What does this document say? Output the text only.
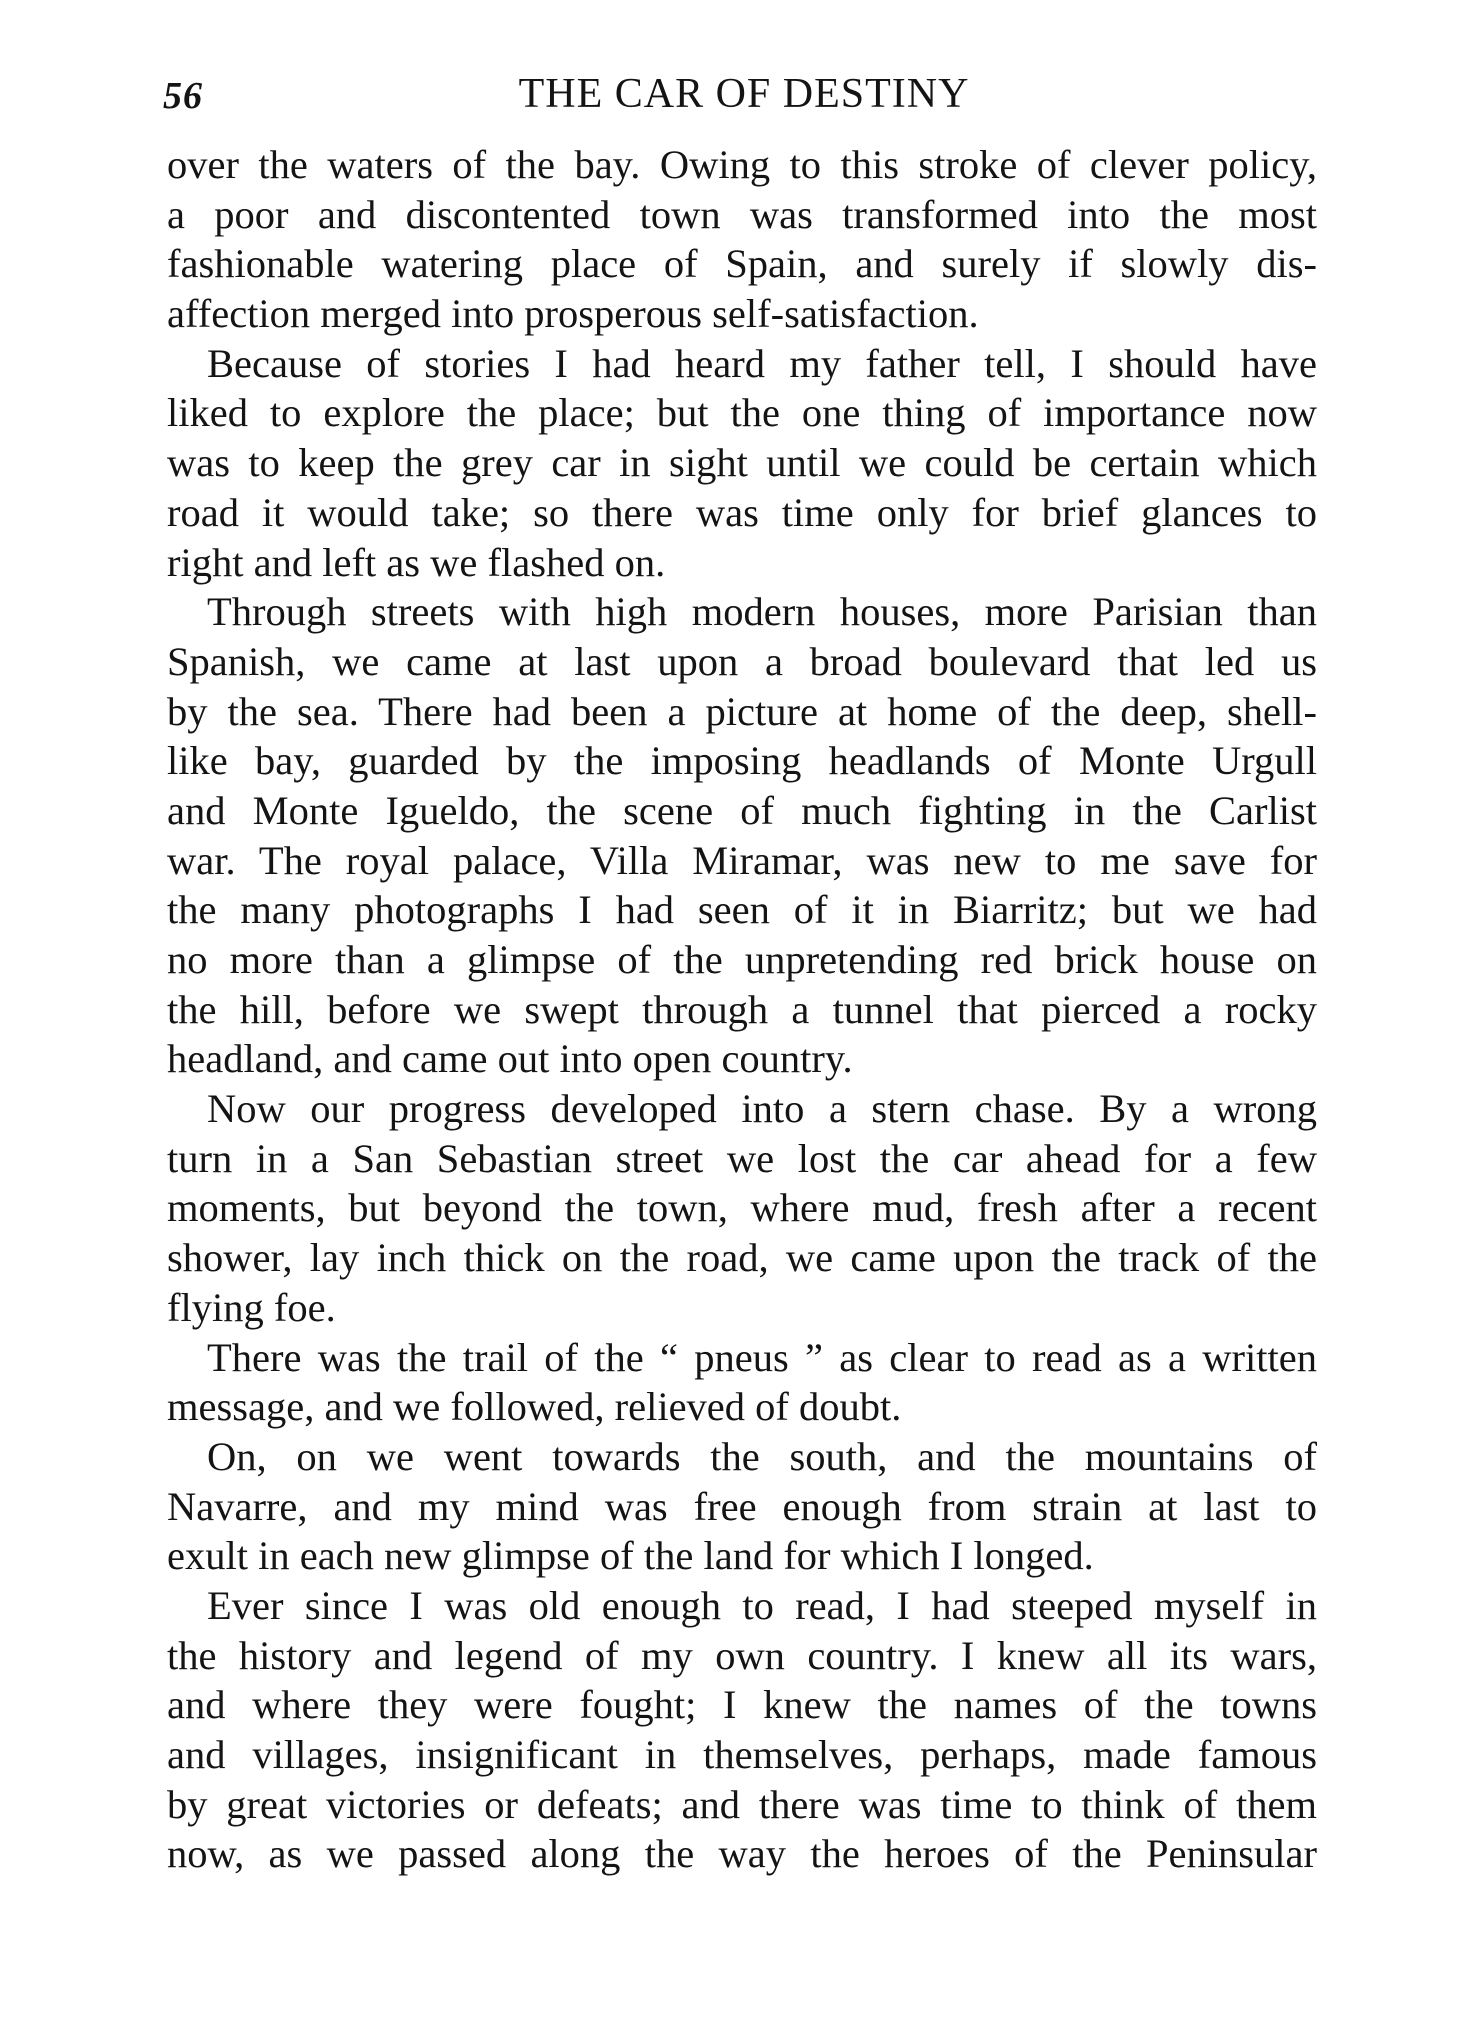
56	THE CAR OF DESTINY
over the waters of the bay. Owing to this stroke of clever policy,
a poor and discontented town was transformed into the most
fashionable watering place of Spain, and surely if slowly dis-
affection merged into prosperous self-satisfaction.
Because of stories I had heard my father tell, I should have
liked to explore the place; but the one thing of importance now
was to keep the grey car in sight until we could be certain which
road it would take; so there was time only for brief glances to
right and left as we flashed on.
Through streets with high modern houses, more Parisian than
Spanish, we came at last upon a broad boulevard that led us
by the sea. There had been a picture at home of the deep, shell-
like bay, guarded by the imposing headlands of Monte Urgull
and Monte Igueldo, the scene of much fighting in the Carlist
war. The royal palace, Villa Miramar, was new to me save for
the many photographs I had seen of it in Biarritz; but we had
no more than a glimpse of the unpretending red brick house on
the hill, before we swept through a tunnel that pierced a rocky
headland, and came out into open country.
Now our progress developed into a stern chase. By a wrong
turn in a San Sebastian street we lost the car ahead for a few
moments, but beyond the town, where mud, fresh after a recent
shower, lay inch thick on the road, we came upon the track of the
flying foe.
There was the trail of the “ pneus ” as clear to read as a written
message, and we followed, relieved of doubt.
On, on we went towards the south, and the mountains of
Navarre, and my mind was free enough from strain at last to
exult in each new glimpse of the land for which I longed.
Ever since I was old enough to read, I had steeped myself in
the history and legend of my own country. I knew all its wars,
and where they were fought; I knew the names of the towns
and villages, insignificant in themselves, perhaps, made famous
by great victories or defeats; and there was time to think of them
now, as we passed along the way the heroes of the Peninsular
